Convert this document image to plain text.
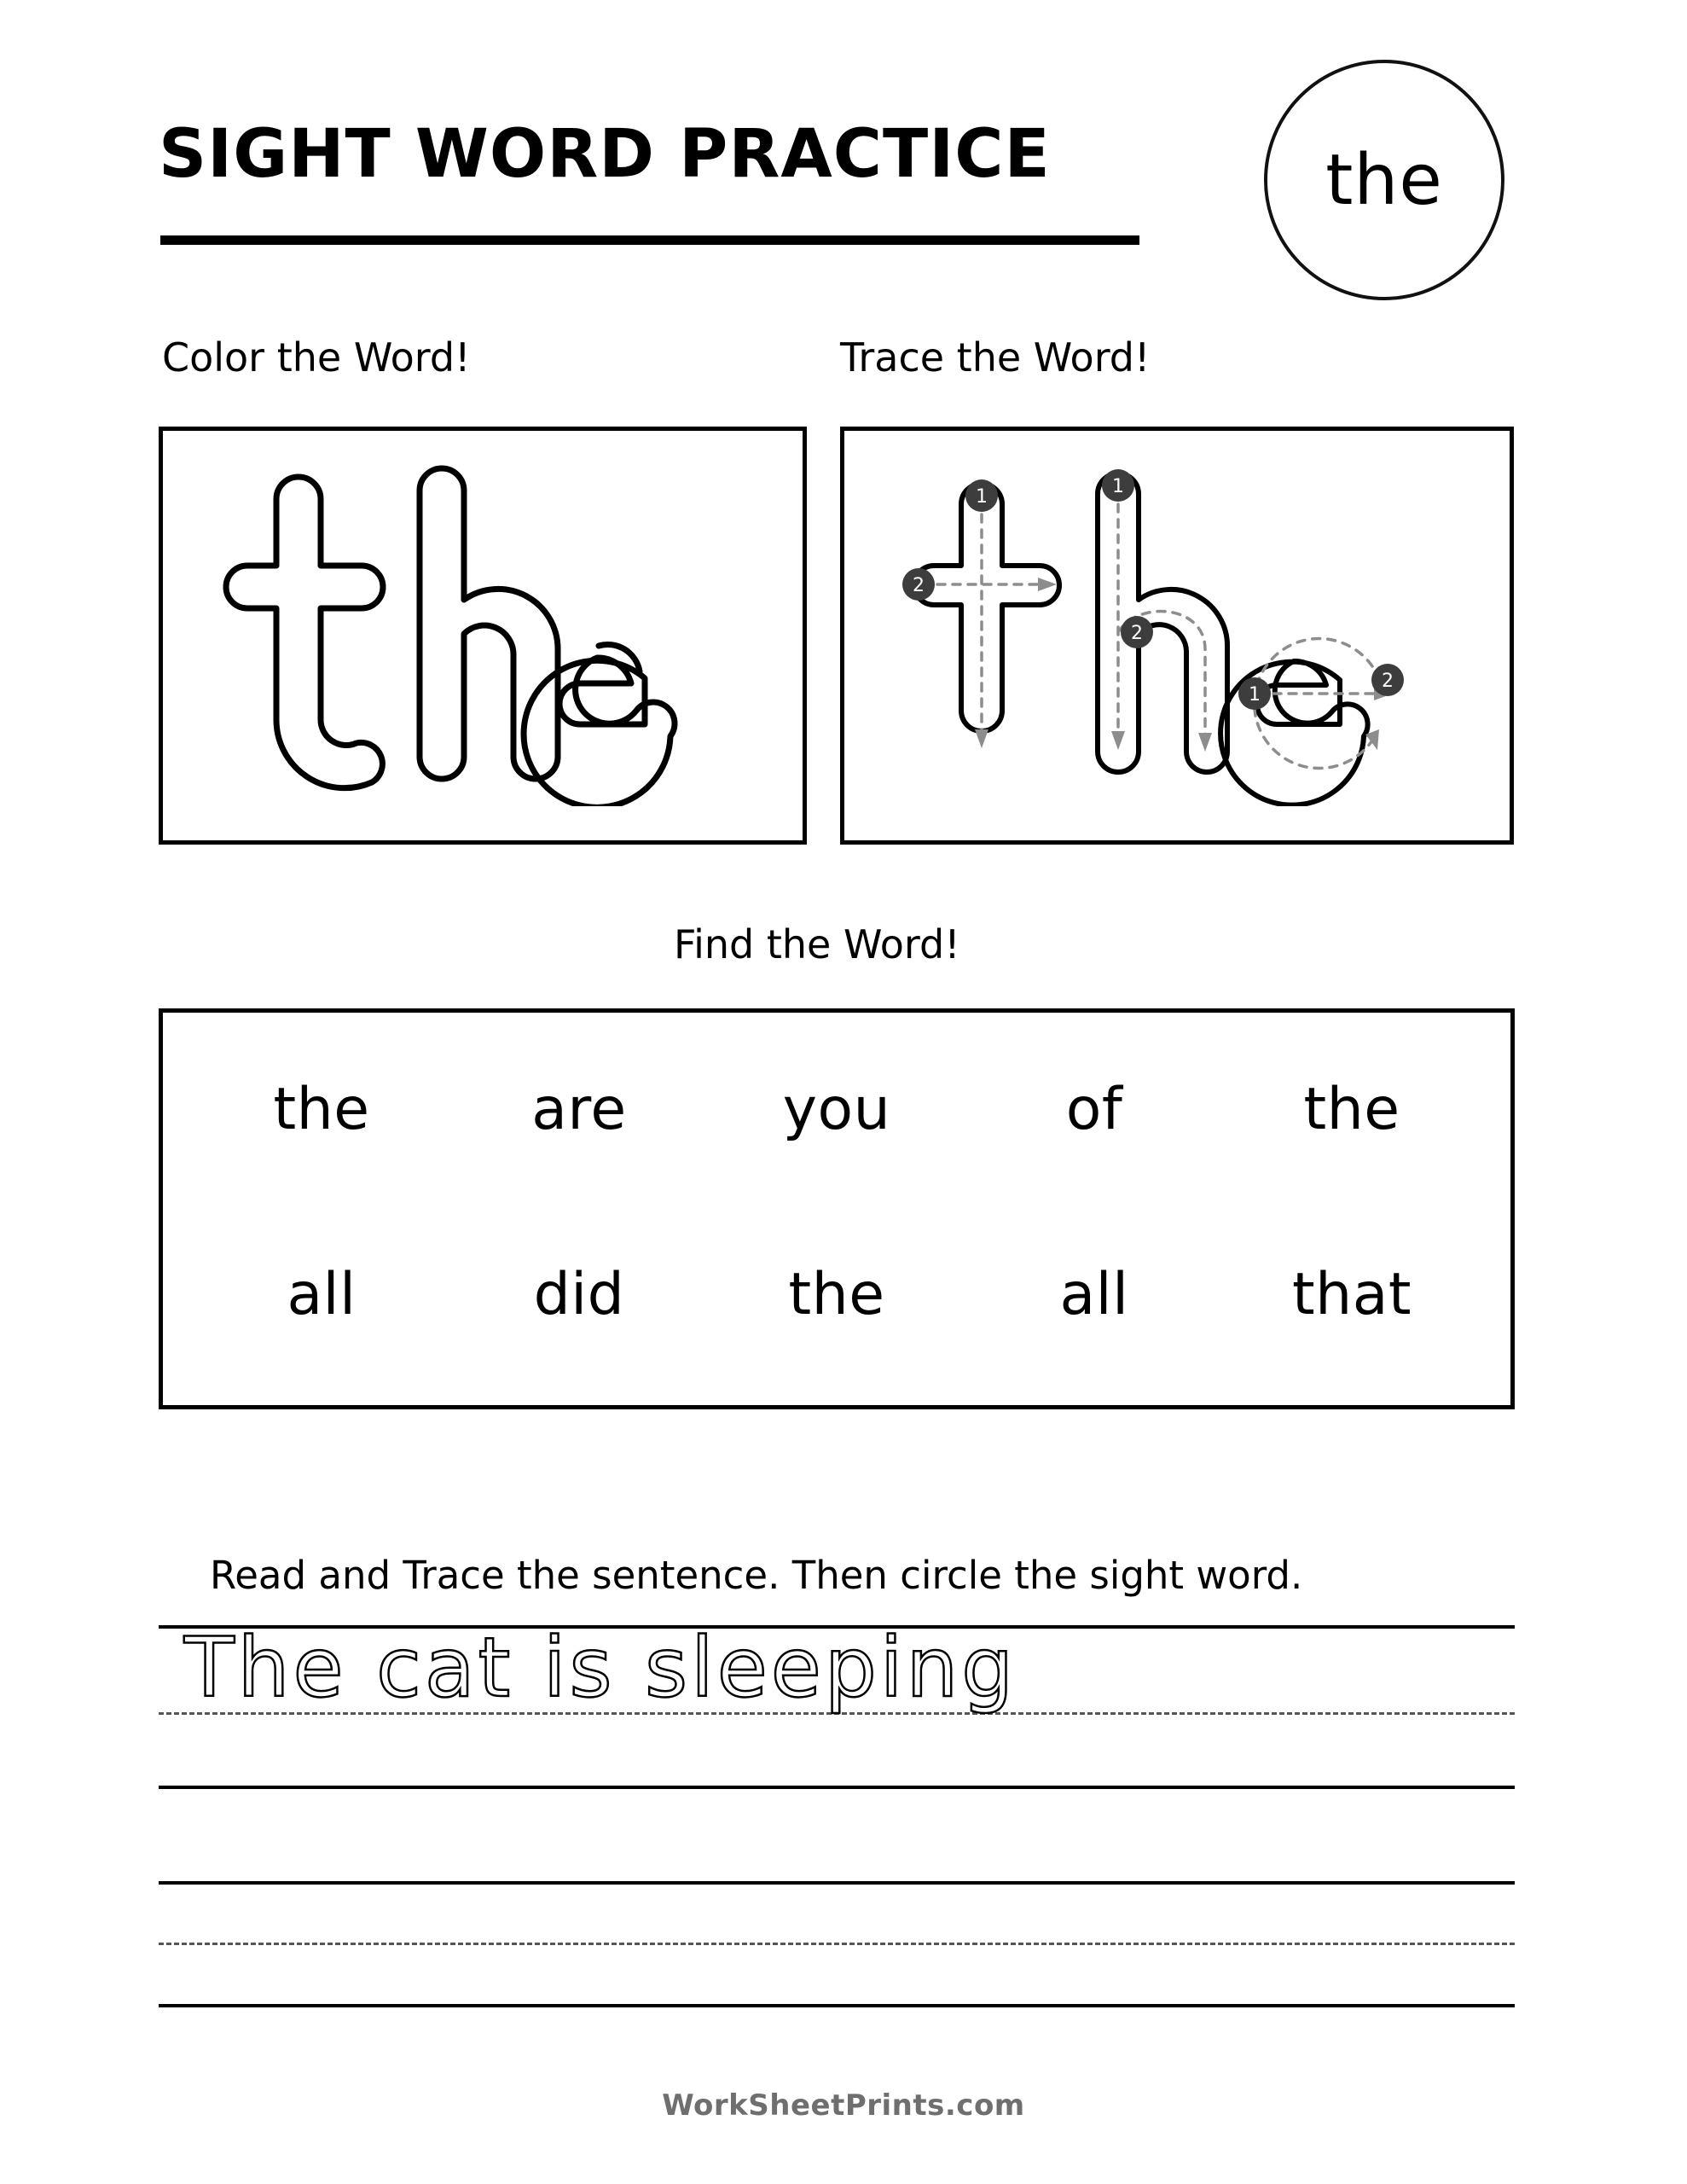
SIGHT WORD PRACTICE	the
Color the Word!	Trace the Word!
Find the Word!
Read and Trace the sentence. Then circle the sight word.
1
2
1
2
1
2
the	are	you	of	the
all	did	the	all	that
The cat is sleeping
WorkSheetPrints.com
